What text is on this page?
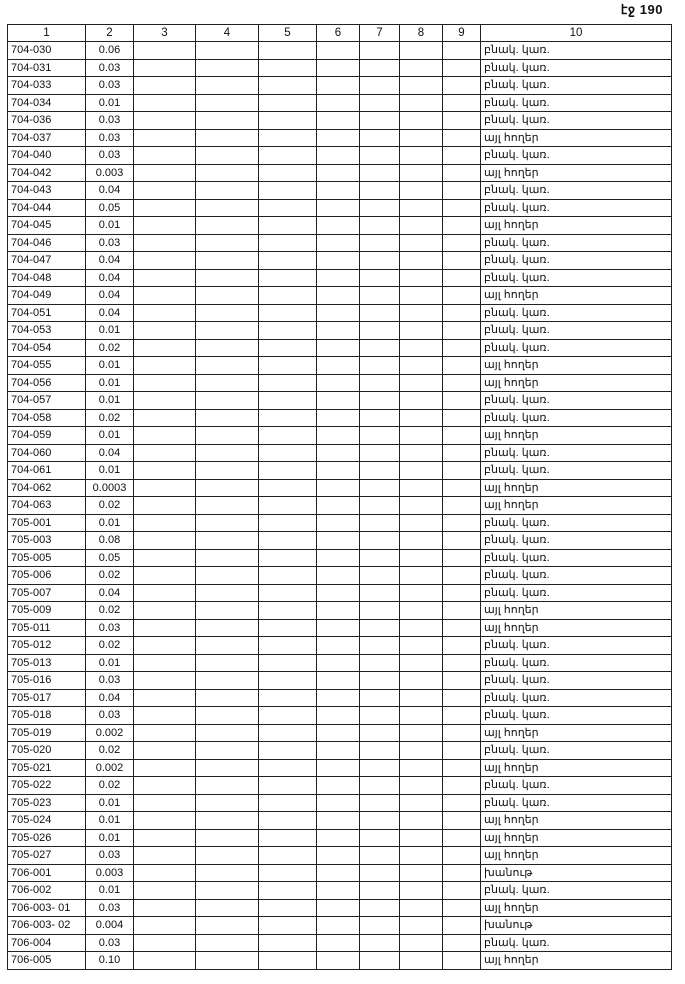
էջ 190
1	2	3	4	5	6	7	8	9	10
704-030	0.06								բնակ. կառ.
704-031	0.03								բնակ. կառ.
704-033	0.03								բնակ. կառ.
704-034	0.01								բնակ. կառ.
704-036	0.03								բնակ. կառ.
704-037	0.03								այլ հողեր
704-040	0.03								բնակ. կառ.
704-042	0.003								այլ հողեր
704-043	0.04								բնակ. կառ.
704-044	0.05								բնակ. կառ.
704-045	0.01								այլ հողեր
704-046	0.03								բնակ. կառ.
704-047	0.04								բնակ. կառ.
704-048	0.04								բնակ. կառ.
704-049	0.04								այլ հողեր
704-051	0.04								բնակ. կառ.
704-053	0.01								բնակ. կառ.
704-054	0.02								բնակ. կառ.
704-055	0.01								այլ հողեր
704-056	0.01								այլ հողեր
704-057	0.01								բնակ. կառ.
704-058	0.02								բնակ. կառ.
704-059	0.01								այլ հողեր
704-060	0.04								բնակ. կառ.
704-061	0.01								բնակ. կառ.
704-062	0.0003								այլ հողեր
704-063	0.02								այլ հողեր
705-001	0.01								բնակ. կառ.
705-003	0.08								բնակ. կառ.
705-005	0.05								բնակ. կառ.
705-006	0.02								բնակ. կառ.
705-007	0.04								բնակ. կառ.
705-009	0.02								այլ հողեր
705-011	0.03								այլ հողեր
705-012	0.02								բնակ. կառ.
705-013	0.01								բնակ. կառ.
705-016	0.03								բնակ. կառ.
705-017	0.04								բնակ. կառ.
705-018	0.03								բնակ. կառ.
705-019	0.002								այլ հողեր
705-020	0.02								բնակ. կառ.
705-021	0.002								այլ հողեր
705-022	0.02								բնակ. կառ.
705-023	0.01								բնակ. կառ.
705-024	0.01								այլ հողեր
705-026	0.01								այլ հողեր
705-027	0.03								այլ հողեր
706-001	0.003								խանութ
706-002	0.01								բնակ. կառ.
706-003- 01	0.03								այլ հողեր
706-003- 02	0.004								խանութ
706-004	0.03								բնակ. կառ.
706-005	0.10								այլ հողեր
